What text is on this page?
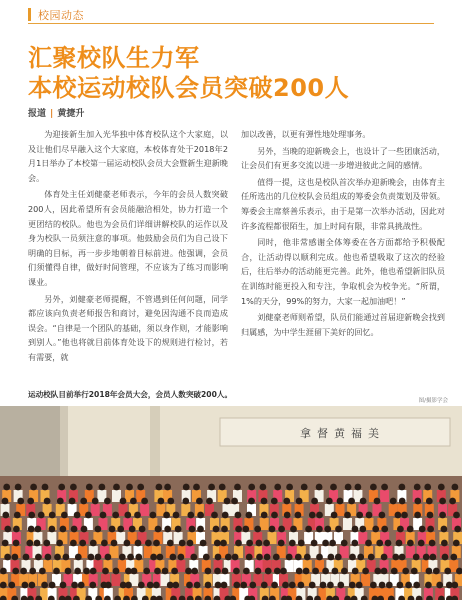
校园动态
汇聚校队生力军
本校运动校队会员突破200人
报道 | 黄捷升

为迎接新生加入光华独中体育校队这个大家庭，以及让他们尽早融入这个大家庭，本校体育处于2018年2月1日举办了本校第一届运动校队会员大会暨新生迎新晚会。

体育处主任刘健豪老师表示，今年的会员人数突破200人，因此希望所有会员能融洽相处，协力打造一个更团结的校队。他也为会员们详细讲解校队的运作以及身为校队一员须注意的事项。他鼓励会员们为自己设下明确的目标，再一步步地朝着目标前进。他强调，会员们须懂得自律，做好时间管理，不应该为了练习而影响课业。

另外，刘健豪老师提醒，不管遇到任何问题，同学都应该向负责老师报告和商讨，避免因沟通不良而造成误会。“自律是一个团队的基础，须以身作则，才能影响到别人。”他也将就目前体育处设下的规则进行检讨，若有需要，就

加以改善，以更有弹性地处理事务。

另外，当晚的迎新晚会上，也设计了一些团康活动，让会员们有更多交流以进一步增进彼此之间的感情。

值得一提，这也是校队首次举办迎新晚会，由体育主任所选出的几位校队会员组成的筹委会负责策划及带领。筹委会主席蔡善乐表示，由于是第一次举办活动，因此对许多流程都很陌生，加上时间有限，非常具挑战性。

同时，他非常感谢全体筹委在各方面都给予积极配合，让活动得以顺利完成。他也希望吸取了这次的经验后，往后举办的活动能更完善。此外，他也希望新旧队员在训练时能更投入和专注，争取机会为校争光。“所谓，1%的天分，99%的努力，大家一起加油吧！”

刘健豪老师则希望，队员们能通过首届迎新晚会找到归属感，为中学生涯留下美好的回忆。

运动校队目前举行2018年会员大会，会员人数突破200人。
图/摄影学会
拿督黄福美
